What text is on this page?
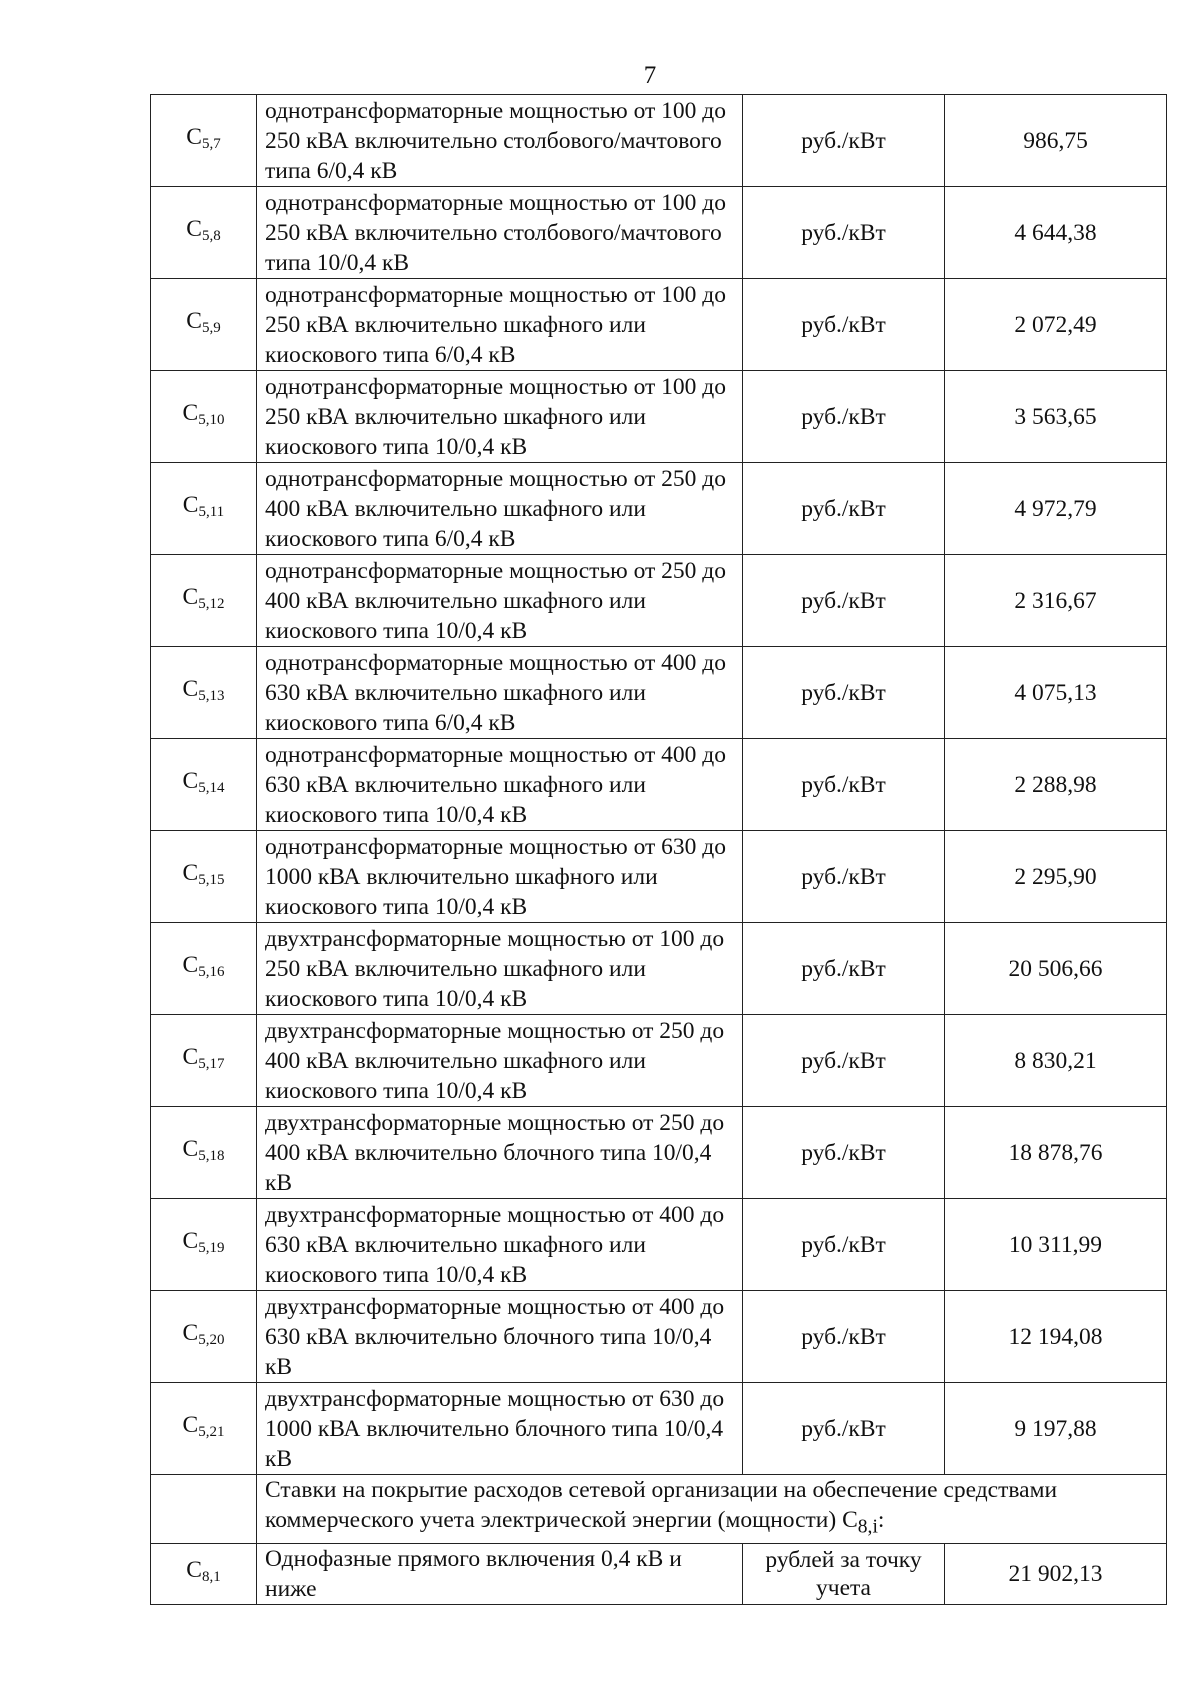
7
$C_{5,7}$	однотрансформаторные мощностью от 100 до 250 кВА включительно столбового/мачтового типа 6/0,4 кВ	руб./кВт	986,75
$C_{5,8}$	однотрансформаторные мощностью от 100 до 250 кВА включительно столбового/мачтового типа 10/0,4 кВ	руб./кВт	4 644,38
$C_{5,9}$	однотрансформаторные мощностью от 100 до 250 кВА включительно шкафного или киоскового типа 6/0,4 кВ	руб./кВт	2 072,49
$C_{5,10}$	однотрансформаторные мощностью от 100 до 250 кВА включительно шкафного или киоскового типа 10/0,4 кВ	руб./кВт	3 563,65
$C_{5,11}$	однотрансформаторные мощностью от 250 до 400 кВА включительно шкафного или киоскового типа 6/0,4 кВ	руб./кВт	4 972,79
$C_{5,12}$	однотрансформаторные мощностью от 250 до 400 кВА включительно шкафного или киоскового типа 10/0,4 кВ	руб./кВт	2 316,67
$C_{5,13}$	однотрансформаторные мощностью от 400 до 630 кВА включительно шкафного или киоскового типа 6/0,4 кВ	руб./кВт	4 075,13
$C_{5,14}$	однотрансформаторные мощностью от 400 до 630 кВА включительно шкафного или киоскового типа 10/0,4 кВ	руб./кВт	2 288,98
$C_{5,15}$	однотрансформаторные мощностью от 630 до 1000 кВА включительно шкафного или киоскового типа 10/0,4 кВ	руб./кВт	2 295,90
$C_{5,16}$	двухтрансформаторные мощностью от 100 до 250 кВА включительно шкафного или киоскового типа 10/0,4 кВ	руб./кВт	20 506,66
$C_{5,17}$	двухтрансформаторные мощностью от 250 до 400 кВА включительно шкафного или киоскового типа 10/0,4 кВ	руб./кВт	8 830,21
$C_{5,18}$	двухтрансформаторные мощностью от 250 до 400 кВА включительно блочного типа 10/0,4 кВ	руб./кВт	18 878,76
$C_{5,19}$	двухтрансформаторные мощностью от 400 до 630 кВА включительно шкафного или киоскового типа 10/0,4 кВ	руб./кВт	10 311,99
$C_{5,20}$	двухтрансформаторные мощностью от 400 до 630 кВА включительно блочного типа 10/0,4 кВ	руб./кВт	12 194,08
$C_{5,21}$	двухтрансформаторные мощностью от 630 до 1000 кВА включительно блочного типа 10/0,4 кВ	руб./кВт	9 197,88
	Ставки на покрытие расходов сетевой организации на обеспечение средствами коммерческого учета электрической энергии (мощности) $C_{8,i}$:		
$C_{8,1}$	Однофазные прямого включения 0,4 кВ и ниже	рублей за точку учета	21 902,13
